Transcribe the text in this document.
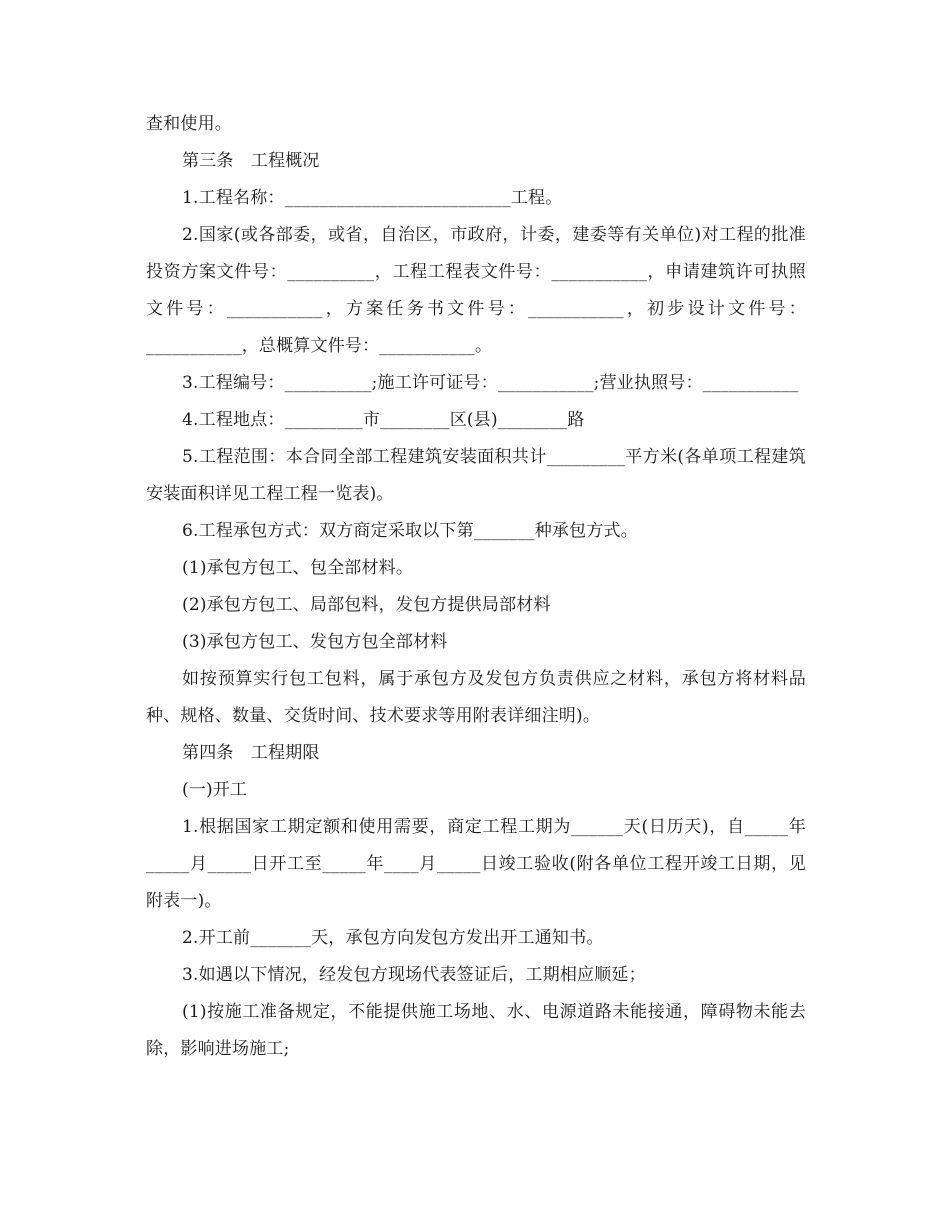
查和使用。

第三条　工程概况

1.工程名称：__________________________工程。

2.国家(或各部委，或省，自治区，市政府，计委，建委等有关单位)对工程的批准投资方案文件号：__________，工程工程表文件号：___________，申请建筑许可执照文件号：___________，方案任务书文件号：___________，初步设计文件号：___________，总概算文件号：___________。

3.工程编号：__________;施工许可证号：___________;营业执照号：___________

4.工程地点：_________市________区(县)________路

5.工程范围：本合同全部工程建筑安装面积共计_________平方米(各单项工程建筑安装面积详见工程工程一览表)。

6.工程承包方式：双方商定采取以下第_______种承包方式。

(1)承包方包工、包全部材料。

(2)承包方包工、局部包料，发包方提供局部材料

(3)承包方包工、发包方包全部材料

如按预算实行包工包料，属于承包方及发包方负责供应之材料，承包方将材料品种、规格、数量、交货时间、技术要求等用附表详细注明)。

第四条　工程期限

(一)开工

1.根据国家工期定额和使用需要，商定工程工期为______天(日历天)，自_____年_____月_____日开工至_____年____月_____日竣工验收(附各单位工程开竣工日期，见附表一)。

2.开工前_______天，承包方向发包方发出开工通知书。

3.如遇以下情况，经发包方现场代表签证后，工期相应顺延；

(1)按施工准备规定，不能提供施工场地、水、电源道路未能接通，障碍物未能去除，影响进场施工;
